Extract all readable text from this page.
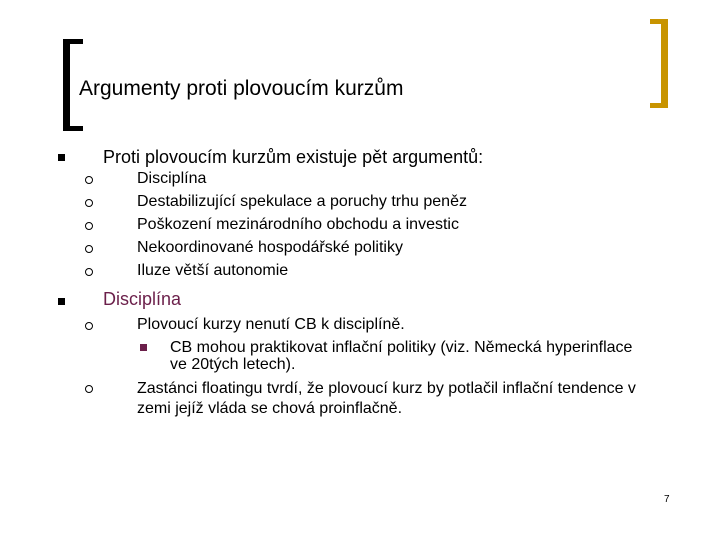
Argumenty proti plovoucím kurzům
Proti plovoucím kurzům existuje pět argumentů:
Disciplína
Destabilizující spekulace a poruchy trhu peněz
Poškození mezinárodního obchodu a investic
Nekoordinované hospodářské politiky
Iluze větší autonomie
Disciplína
Plovoucí kurzy nenutí CB k disciplíně.
CB mohou praktikovat inflační politiky (viz. Německá hyperinflace
ve 20tých letech).
Zastánci floatingu tvrdí, že plovoucí kurz by potlačil inflační tendence v
zemi jejíž vláda se chová proinflačně.
7
